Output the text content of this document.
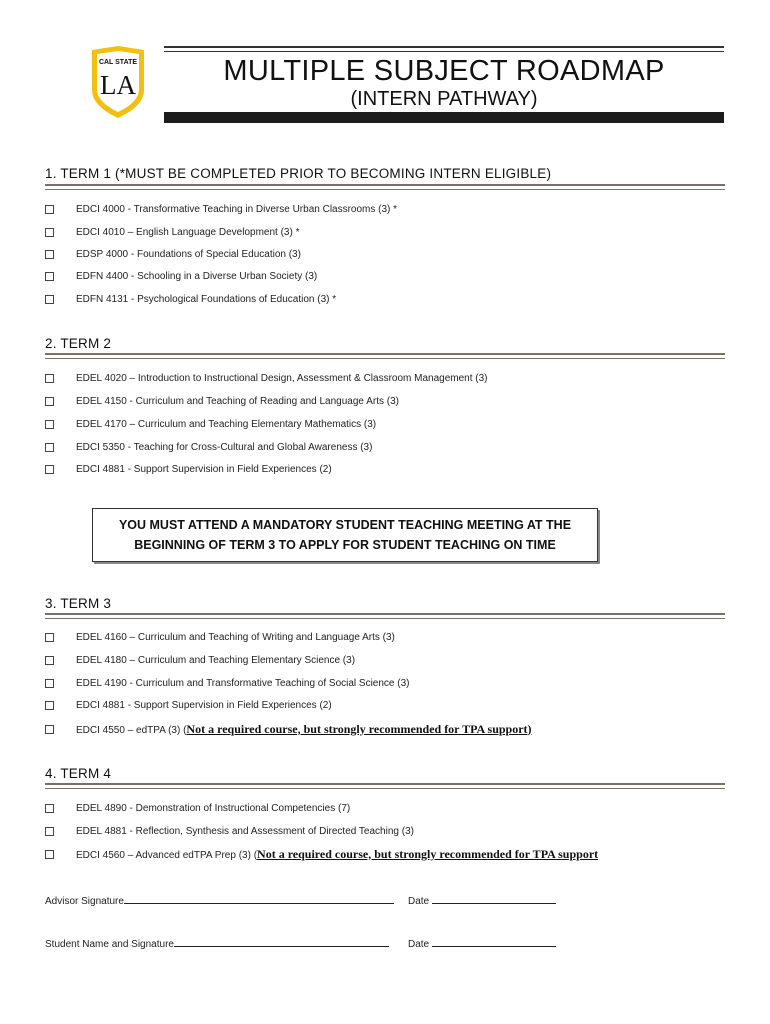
CAL STATE
LA	MULTIPLE SUBJECT ROADMAP
(INTERN PATHWAY)
1. TERM 1 (*MUST BE COMPLETED PRIOR TO BECOMING INTERN ELIGIBLE)
EDCI 4000 - Transformative Teaching in Diverse Urban Classrooms (3) *
EDCI 4010 – English Language Development (3) *
EDSP 4000 - Foundations of Special Education (3)
EDFN 4400 - Schooling in a Diverse Urban Society (3)
EDFN 4131 - Psychological Foundations of Education (3) *
2. TERM 2
EDEL 4020 – Introduction to Instructional Design, Assessment & Classroom Management (3)
EDEL 4150 - Curriculum and Teaching of Reading and Language Arts (3)
EDEL 4170 – Curriculum and Teaching Elementary Mathematics (3)
EDCI 5350 - Teaching for Cross-Cultural and Global Awareness (3)
EDCI 4881 - Support Supervision in Field Experiences (2)
YOU MUST ATTEND A MANDATORY STUDENT TEACHING MEETING AT THE
BEGINNING OF TERM 3 TO APPLY FOR STUDENT TEACHING ON TIME
3. TERM 3
EDEL 4160 – Curriculum and Teaching of Writing and Language Arts (3)
EDEL 4180 – Curriculum and Teaching Elementary Science (3)
EDEL 4190 - Curriculum and Transformative Teaching of Social Science (3)
EDCI 4881 - Support Supervision in Field Experiences (2)
EDCI 4550 – edTPA (3) (Not a required course, but strongly recommended for TPA support)
4. TERM 4
EDEL 4890 - Demonstration of Instructional Competencies (7)
EDEL 4881 - Reflection, Synthesis and Assessment of Directed Teaching (3)
EDCI 4560 – Advanced edTPA Prep (3) (Not a required course, but strongly recommended for TPA support
Advisor Signature	Date
Student Name and Signature	Date
